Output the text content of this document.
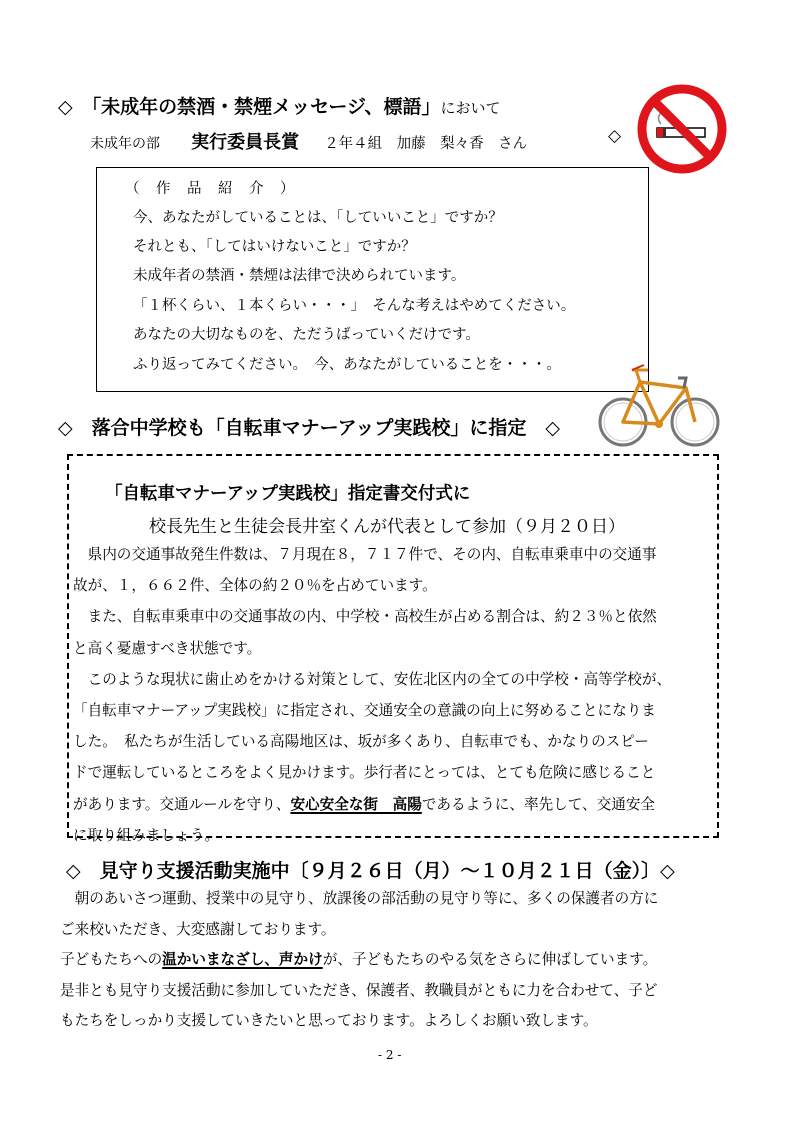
◇　「未成年の禁酒・禁煙メッセージ、標語」において
未成年の部 実行委員長賞 ２年４組　加藤　梨々香　さん	◇
（　作　品　紹　介　）
今、あなたがしていることは、「していいこと」ですか？
それとも、「してはいけないこと」ですか？
未成年者の禁酒・禁煙は法律で決められています。
「１杯くらい、１本くらい・・・」　そんな考えはやめてください。
あなたの大切なものを、ただうばっていくだけです。
ふり返ってみてください。　今、あなたがしていることを・・・。
◇　落合中学校も「自転車マナーアップ実践校」に指定　◇
「自転車マナーアップ実践校」指定書交付式に
校長先生と生徒会長井室くんが代表として参加（９月２０日）
　県内の交通事故発生件数は、７月現在８，７１７件で、その内、自転車乗車中の交通事
故が、１，６６２件、全体の約２０％を占めています。
　また、自転車乗車中の交通事故の内、中学校・高校生が占める割合は、約２３％と依然
と高く憂慮すべき状態です。
　このような現状に歯止めをかける対策として、安佐北区内の全ての中学校・高等学校が、
「自転車マナーアップ実践校」に指定され、交通安全の意識の向上に努めることになりま
した。　私たちが生活している高陽地区は、坂が多くあり、自転車でも、かなりのスピー
ドで運転しているところをよく見かけます。歩行者にとっては、とても危険に感じること
があります。交通ルールを守り、安心安全な街　高陽であるように、率先して、交通安全
に取り組みましょう。
◇　見守り支援活動実施中〔９月２６日（月）～１０月２１日（金）〕◇
　朝のあいさつ運動、授業中の見守り、放課後の部活動の見守り等に、多くの保護者の方に
ご来校いただき、大変感謝しております。
子どもたちへの温かいまなざし、声かけが、子どもたちのやる気をさらに伸ばしています。
是非とも見守り支援活動に参加していただき、保護者、教職員がともに力を合わせて、子ど
もたちをしっかり支援していきたいと思っております。よろしくお願い致します。
- 2 -
